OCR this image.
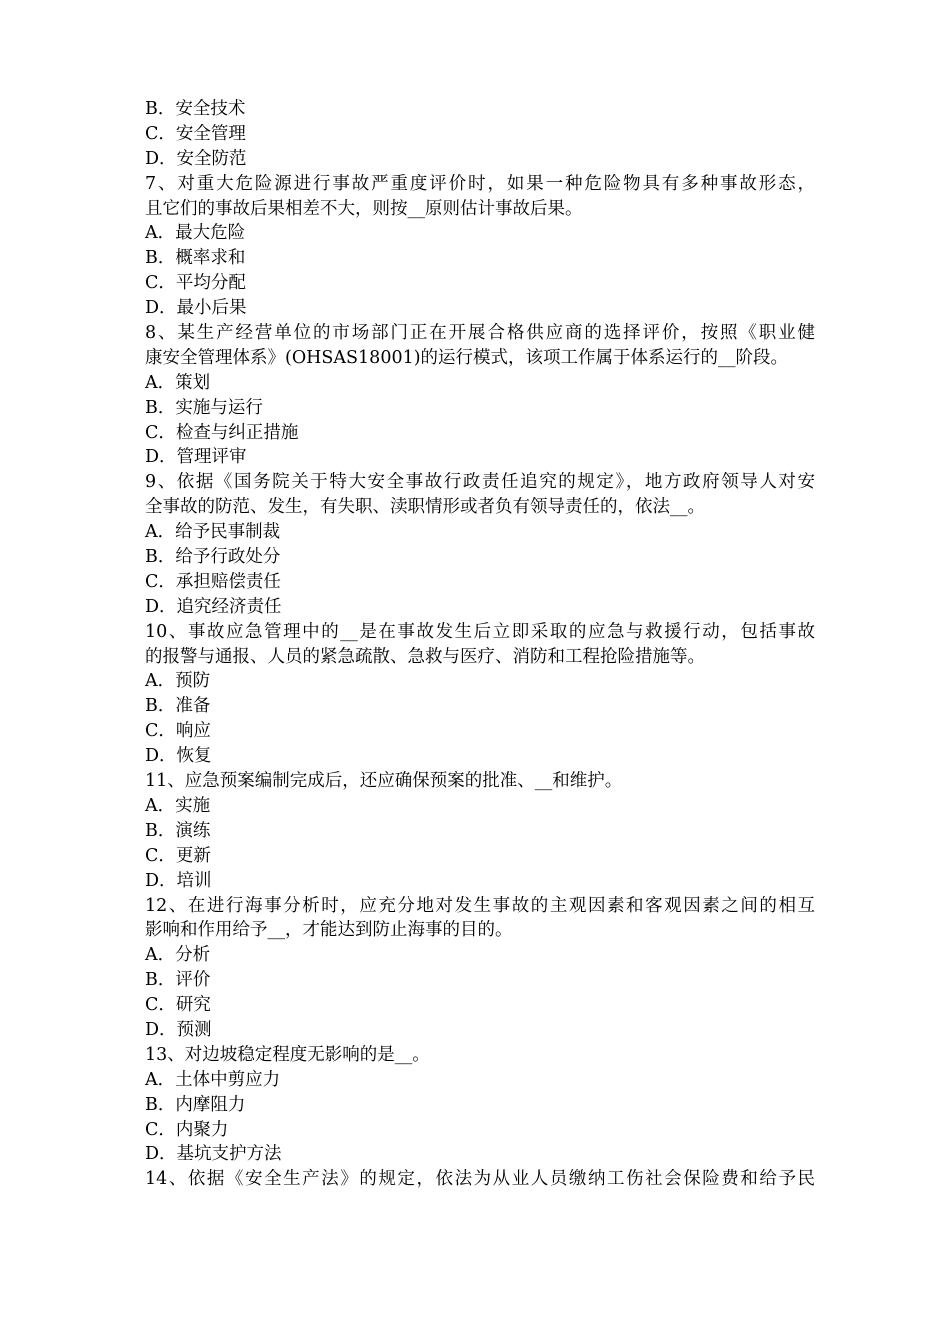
B．安全技术
C．安全管理
D．安全防范
7、对重大危险源进行事故严重度评价时，如果一种危险物具有多种事故形态，
且它们的事故后果相差不大，则按__原则估计事故后果。
A．最大危险
B．概率求和
C．平均分配
D．最小后果
8、某生产经营单位的市场部门正在开展合格供应商的选择评价，按照《职业健
康安全管理体系》(OHSAS18001)的运行模式，该项工作属于体系运行的__阶段。
A．策划
B．实施与运行
C．检查与纠正措施
D．管理评审
9、依据《国务院关于特大安全事故行政责任追究的规定》，地方政府领导人对安
全事故的防范、发生，有失职、渎职情形或者负有领导责任的，依法__。
A．给予民事制裁
B．给予行政处分
C．承担赔偿责任
D．追究经济责任
10、事故应急管理中的__是在事故发生后立即采取的应急与救援行动，包括事故
的报警与通报、人员的紧急疏散、急救与医疗、消防和工程抢险措施等。
A．预防
B．准备
C．响应
D．恢复
11、应急预案编制完成后，还应确保预案的批准、__和维护。
A．实施
B．演练
C．更新
D．培训
12、在进行海事分析时，应充分地对发生事故的主观因素和客观因素之间的相互
影响和作用给予__，才能达到防止海事的目的。
A．分析
B．评价
C．研究
D．预测
13、对边坡稳定程度无影响的是__。
A．土体中剪应力
B．内摩阻力
C．内聚力
D．基坑支护方法
14、依据《安全生产法》的规定，依法为从业人员缴纳工伤社会保险费和给予民
